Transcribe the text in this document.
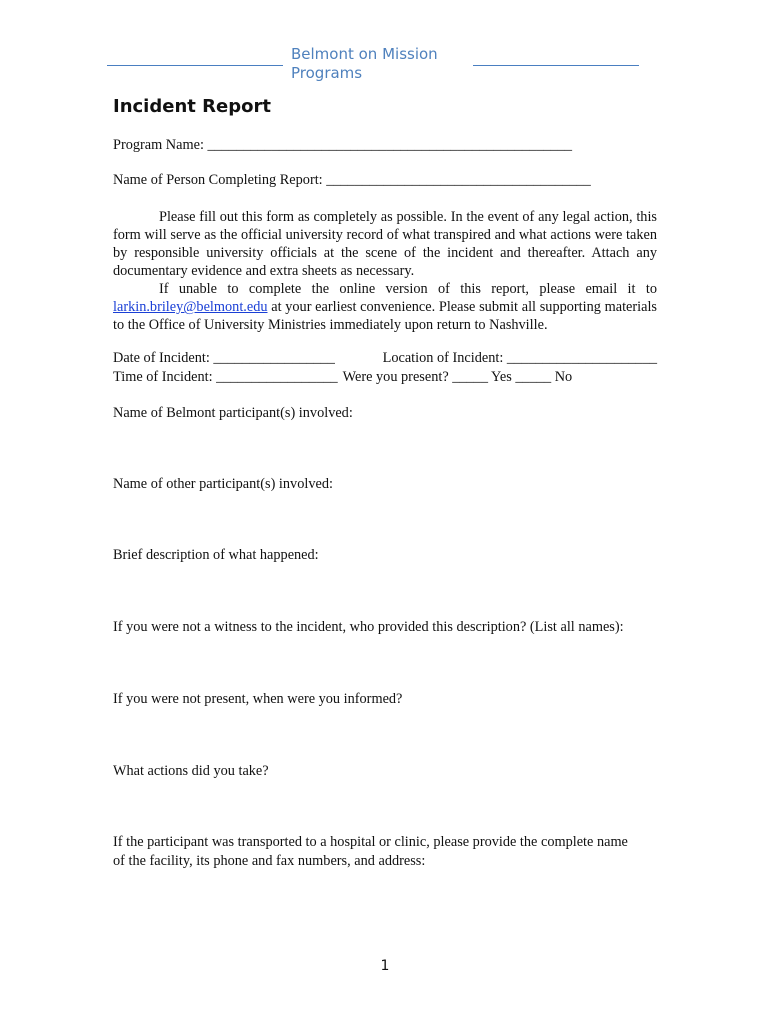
Belmont on Mission Programs
Incident Report
Program Name: ___________________________________________________
Name of Person Completing Report: _____________________________________
Please fill out this form as completely as possible. In the event of any legal action, this form will serve as the official university record of what transpired and what actions were taken by responsible university officials at the scene of the incident and thereafter. Attach any documentary evidence and extra sheets as necessary.
If unable to complete the online version of this report, please email it to larkin.briley@belmont.edu at your earliest convenience. Please submit all supporting materials to the Office of University Ministries immediately upon return to Nashville.
Date of Incident: _________________	Location of Incident: _____________________
Time of Incident: _________________ Were you present? _____ Yes _____ No
Name of Belmont participant(s) involved:
Name of other participant(s) involved:
Brief description of what happened:
If you were not a witness to the incident, who provided this description? (List all names):
If you were not present, when were you informed?
What actions did you take?
If the participant was transported to a hospital or clinic, please provide the complete name of the facility, its phone and fax numbers, and address:
1
